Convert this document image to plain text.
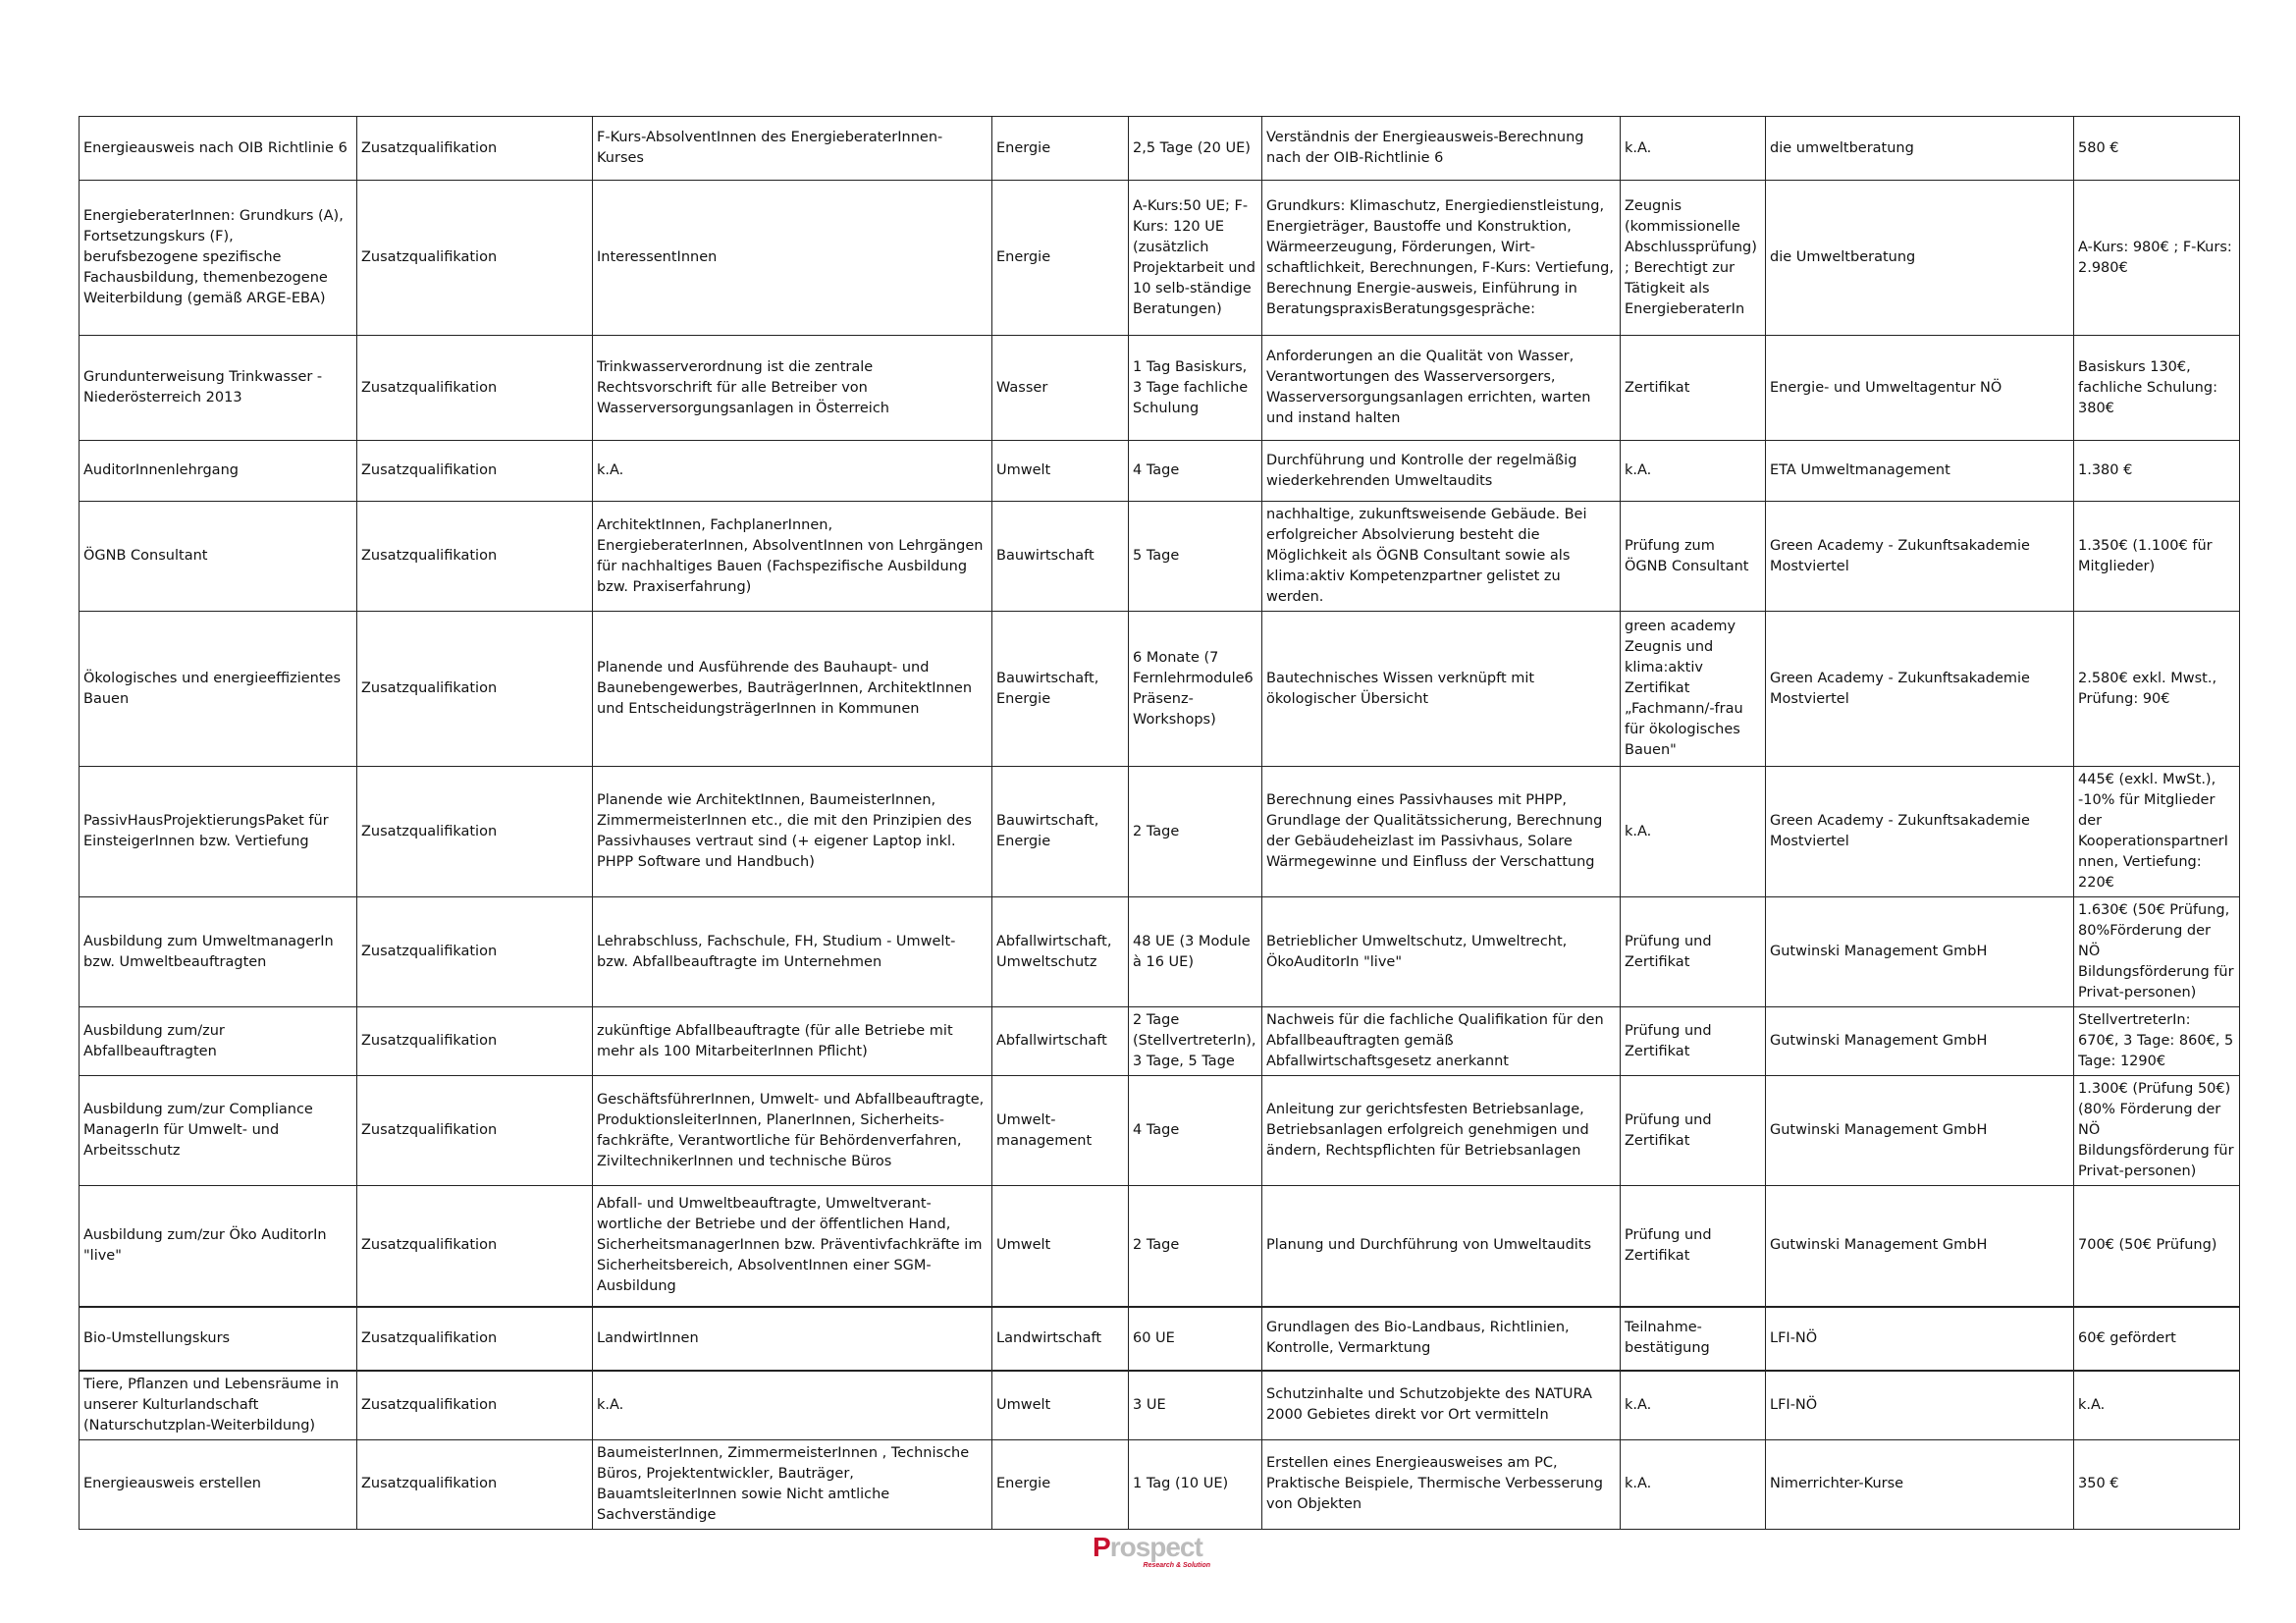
Energieausweis nach OIB Richtlinie 6	Zusatzqualifikation	F-Kurs-AbsolventInnen des EnergieberaterInnen-Kurses	Energie	2,5 Tage (20 UE)	Verständnis der Energieausweis-Berechnung nach der OIB-Richtlinie 6	k.A.	die umweltberatung	580 €
EnergieberaterInnen: Grundkurs (A), Fortsetzungskurs (F), berufsbezogene spezifische Fachausbildung, themenbezogene Weiterbildung (gemäß ARGE-EBA)	Zusatzqualifikation	InteressentInnen	Energie	A-Kurs:50 UE; F-Kurs: 120 UE (zusätzlich Projektarbeit und 10 selb-ständige Beratungen)	Grundkurs: Klimaschutz, Energiedienstleistung, Energieträger, Baustoffe und Konstruktion, Wärmeerzeugung, Förderungen, Wirt-schaftlichkeit, Berechnungen, F-Kurs: Vertiefung, Berechnung Energie-ausweis, Einführung in BeratungspraxisBeratungsgespräche:	Zeugnis (kommissionelle Abschlussprüfung); Berechtigt zur Tätigkeit als EnergieberaterIn	die Umweltberatung	A-Kurs: 980€ ; F-Kurs: 2.980€
Grundunterweisung Trinkwasser - Niederösterreich 2013	Zusatzqualifikation	Trinkwasserverordnung ist die zentrale Rechtsvorschrift für alle Betreiber von Wasserversorgungsanlagen in Österreich	Wasser	1 Tag Basiskurs, 3 Tage fachliche Schulung	Anforderungen an die Qualität von Wasser, Verantwortungen des Wasserversorgers, Wasserversorgungsanlagen errichten, warten und instand halten	Zertifikat	Energie- und Umweltagentur NÖ	Basiskurs 130€, fachliche Schulung: 380€
AuditorInnenlehrgang	Zusatzqualifikation	k.A.	Umwelt	4 Tage	Durchführung und Kontrolle der regelmäßig wiederkehrenden Umweltaudits	k.A.	ETA Umweltmanagement	1.380 €
ÖGNB Consultant	Zusatzqualifikation	ArchitektInnen, FachplanerInnen, EnergieberaterInnen, AbsolventInnen von Lehrgängen für nachhaltiges Bauen (Fachspezifische Ausbildung bzw. Praxiserfahrung)	Bauwirtschaft	5 Tage	nachhaltige, zukunftsweisende Gebäude. Bei erfolgreicher Absolvierung besteht die Möglichkeit als ÖGNB Consultant sowie als klima:aktiv Kompetenzpartner gelistet zu werden.	Prüfung zum ÖGNB Consultant	Green Academy - Zukunftsakademie Mostviertel	1.350€ (1.100€ für Mitglieder)
Ökologisches und energieeffizientes Bauen	Zusatzqualifikation	Planende und Ausführende des Bauhaupt- und Baunebengewerbes, BauträgerInnen, ArchitektInnen und EntscheidungsträgerInnen in Kommunen	Bauwirtschaft, Energie	6 Monate (7 Fernlehrmodule6 Präsenz-Workshops)	Bautechnisches Wissen verknüpft mit ökologischer Übersicht	green academy Zeugnis und klima:aktiv Zertifikat „Fachmann/-frau für ökologisches Bauen"	Green Academy - Zukunftsakademie Mostviertel	2.580€ exkl. Mwst., Prüfung: 90€
PassivHausProjektierungsPaket für EinsteigerInnen bzw. Vertiefung	Zusatzqualifikation	Planende wie ArchitektInnen, BaumeisterInnen, ZimmermeisterInnen etc., die mit den Prinzipien des Passivhauses vertraut sind (+ eigener Laptop inkl. PHPP Software und Handbuch)	Bauwirtschaft, Energie	2 Tage	Berechnung eines Passivhauses mit PHPP, Grundlage der Qualitätssicherung, Berechnung der Gebäudeheizlast im Passivhaus, Solare Wärmegewinne und Einfluss der Verschattung	k.A.	Green Academy - Zukunftsakademie Mostviertel	445€ (exkl. MwSt.), -10% für Mitglieder der KooperationspartnerInnen, Vertiefung: 220€
Ausbildung zum UmweltmanagerIn bzw. Umweltbeauftragten	Zusatzqualifikation	Lehrabschluss, Fachschule, FH, Studium - Umwelt- bzw. Abfallbeauftragte im Unternehmen	Abfallwirtschaft, Umweltschutz	48 UE (3 Module à 16 UE)	Betrieblicher Umweltschutz, Umweltrecht, ÖkoAuditorIn "live"	Prüfung und Zertifikat	Gutwinski Management GmbH	1.630€ (50€ Prüfung, 80%Förderung der NÖ Bildungsförderung für Privat-personen)
Ausbildung zum/zur Abfallbeauftragten	Zusatzqualifikation	zukünftige Abfallbeauftragte (für alle Betriebe mit mehr als 100 MitarbeiterInnen Pflicht)	Abfallwirtschaft	2 Tage (StellvertreterIn), 3 Tage, 5 Tage	Nachweis für die fachliche Qualifikation für den Abfallbeauftragten gemäß Abfallwirtschaftsgesetz anerkannt	Prüfung und Zertifikat	Gutwinski Management GmbH	StellvertreterIn: 670€, 3 Tage: 860€, 5 Tage: 1290€
Ausbildung zum/zur Compliance ManagerIn für Umwelt- und Arbeitsschutz	Zusatzqualifikation	GeschäftsführerInnen, Umwelt- und Abfallbeauftragte, ProduktionsleiterInnen, PlanerInnen, Sicherheits-fachkräfte, Verantwortliche für Behördenverfahren, ZiviltechnikerInnen und technische Büros	Umwelt-management	4 Tage	Anleitung zur gerichtsfesten Betriebsanlage, Betriebsanlagen erfolgreich genehmigen und ändern, Rechtspflichten für Betriebsanlagen	Prüfung und Zertifikat	Gutwinski Management GmbH	1.300€ (Prüfung 50€) (80% Förderung der NÖ Bildungsförderung für Privat-personen)
Ausbildung zum/zur Öko AuditorIn "live"	Zusatzqualifikation	Abfall- und Umweltbeauftragte, Umweltverant-wortliche der Betriebe und der öffentlichen Hand, SicherheitsmanagerInnen bzw. Präventivfachkräfte im Sicherheitsbereich, AbsolventInnen einer SGM-Ausbildung	Umwelt	2 Tage	Planung und Durchführung von Umweltaudits	Prüfung und Zertifikat	Gutwinski Management GmbH	700€ (50€ Prüfung)
Bio-Umstellungskurs	Zusatzqualifikation	LandwirtInnen	Landwirtschaft	60 UE	Grundlagen des Bio-Landbaus, Richtlinien, Kontrolle, Vermarktung	Teilnahme-bestätigung	LFI-NÖ	60€ gefördert
Tiere, Pflanzen und Lebensräume in unserer Kulturlandschaft (Naturschutzplan-Weiterbildung)	Zusatzqualifikation	k.A.	Umwelt	3 UE	Schutzinhalte und Schutzobjekte des NATURA 2000 Gebietes direkt vor Ort vermitteln	k.A.	LFI-NÖ	k.A.
Energieausweis erstellen	Zusatzqualifikation	BaumeisterInnen, ZimmermeisterInnen , Technische Büros, Projektentwickler, Bauträger, BauamtsleiterInnen sowie Nicht amtliche Sachverständige	Energie	1 Tag (10 UE)	Erstellen eines Energieausweises am PC, Praktische Beispiele, Thermische Verbesserung von Objekten	k.A.	Nimerrichter-Kurse	350 €
Prospect
Research & Solution
